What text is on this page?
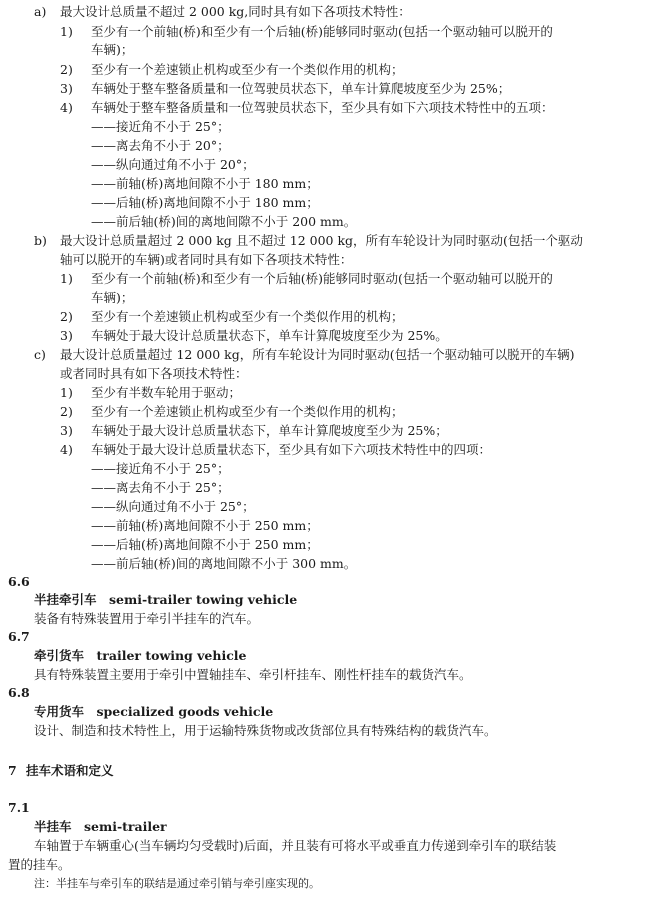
a) 最大设计总质量不超过 2 000 kg,同时具有如下各项技术特性：
1) 至少有一个前轴(桥)和至少有一个后轴(桥)能够同时驱动(包括一个驱动轴可以脱开的
车辆)；
2) 至少有一个差速锁止机构或至少有一个类似作用的机构；
3) 车辆处于整车整备质量和一位驾驶员状态下，单车计算爬坡度至少为 25%；
4) 车辆处于整车整备质量和一位驾驶员状态下，至少具有如下六项技术特性中的五项：
——接近角不小于 25°；
——离去角不小于 20°；
——纵向通过角不小于 20°；
——前轴(桥)离地间隙不小于 180 mm；
——后轴(桥)离地间隙不小于 180 mm；
——前后轴(桥)间的离地间隙不小于 200 mm。
b) 最大设计总质量超过 2 000 kg 且不超过 12 000 kg，所有车轮设计为同时驱动(包括一个驱动
轴可以脱开的车辆)或者同时具有如下各项技术特性：
1) 至少有一个前轴(桥)和至少有一个后轴(桥)能够同时驱动(包括一个驱动轴可以脱开的
车辆)；
2) 至少有一个差速锁止机构或至少有一个类似作用的机构；
3) 车辆处于最大设计总质量状态下，单车计算爬坡度至少为 25%。
c) 最大设计总质量超过 12 000 kg，所有车轮设计为同时驱动(包括一个驱动轴可以脱开的车辆)
或者同时具有如下各项技术特性：
1) 至少有半数车轮用于驱动；
2) 至少有一个差速锁止机构或至少有一个类似作用的机构；
3) 车辆处于最大设计总质量状态下，单车计算爬坡度至少为 25%；
4) 车辆处于最大设计总质量状态下，至少具有如下六项技术特性中的四项：
——接近角不小于 25°；
——离去角不小于 25°；
——纵向通过角不小于 25°；
——前轴(桥)离地间隙不小于 250 mm；
——后轴(桥)离地间隙不小于 250 mm；
——前后轴(桥)间的离地间隙不小于 300 mm。
6.6
半挂牵引车　semi-trailer towing vehicle
装备有特殊装置用于牵引半挂车的汽车。
6.7
牵引货车　trailer towing vehicle
具有特殊装置主要用于牵引中置轴挂车、牵引杆挂车、刚性杆挂车的载货汽车。
6.8
专用货车　specialized goods vehicle
设计、制造和技术特性上，用于运输特殊货物或改货部位具有特殊结构的载货汽车。
7 挂车术语和定义
7.1
半挂车　semi-trailer
车轴置于车辆重心(当车辆均匀受载时)后面，并且装有可将水平或垂直力传递到牵引车的联结装
置的挂车。
注：半挂车与牵引车的联结是通过牵引销与牵引座实现的。
